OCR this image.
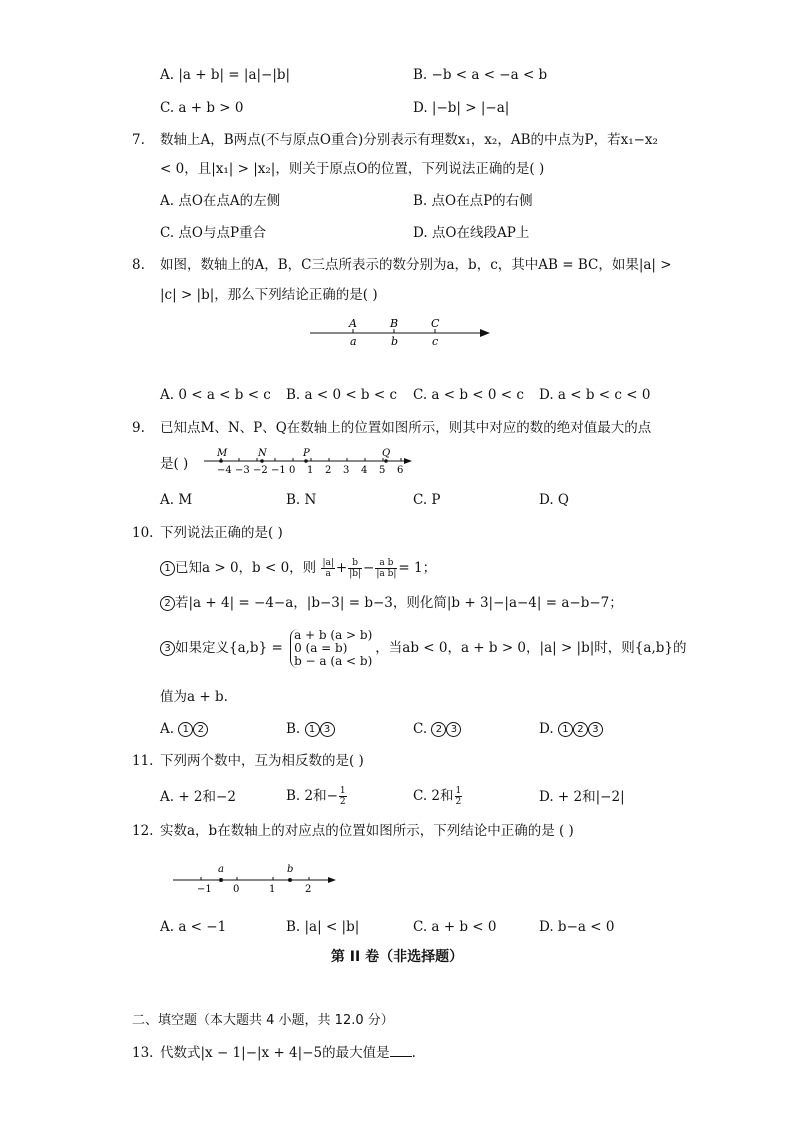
A. |a + b| = |a|−|b|	B. −b < a < −a < b
C. a + b > 0	D. |−b| > |−a|
7. 数轴上A，B两点(不与原点O重合)分别表示有理数x₁，x₂，AB的中点为P，若x₁−x₂
< 0，且|x₁| > |x₂|，则关于原点O的位置，下列说法正确的是( )
A. 点O在点A的左侧	B. 点O在点P的右侧
C. 点O与点P重合	D. 点O在线段AP上
8. 如图，数轴上的A，B，C三点所表示的数分别为a，b，c，其中AB = BC，如果|a| >
|c| > |b|，那么下列结论正确的是( )
A	B	C
a	b	c
A. 0 < a < b < c B. a < 0 < b < c C. a < b < 0 < c D. a < b < c < 0
9. 已知点M、N、P、Q在数轴上的位置如图所示，则其中对应的数的绝对值最大的点
是( )	−4 −3 −2 −1 0 1 2 3 4 5 6
M	N	P	Q
A. M	B. N	C. P	D. Q
10. 下列说法正确的是( )
1 已知a > 0，b < 0，则 $\frac{|a|}{a} + \frac{b}{|b|} - \frac{\text{a b}}{\text{|a b|}} = 1$；
2 若|a + 4| = −4−a，|b−3| = b−3，则化简|b + 3|−|a−4| = a−b−7；
3 如果定义{a,b} =
a + b (a > b)
0 (a = b)
b − a (a < b)
，当ab < 0，a + b > 0，|a| > |b|时，则{a,b}的
值为a + b.
A. 1 2	B. 1 3	C. 2 3	D. 1 2 3
11. 下列两个数中，互为相反数的是( )
A. + 2和−2	B. 2和− $\frac{1}{2}$	C. 2和 $\frac{1}{2}$	D. + 2和|−2|
12. 实数a，b在数轴上的对应点的位置如图所示，下列结论中正确的是 ( )
−1 0	1	2
a	b
A. a < −1	B. |a| < |b|	C. a + b < 0	D. b−a < 0
第 II 卷（非选择题）
二、填空题（本大题共 4 小题，共 12.0 分）
13. 代数式|x − 1|−|x + 4|−5的最大值是 .
